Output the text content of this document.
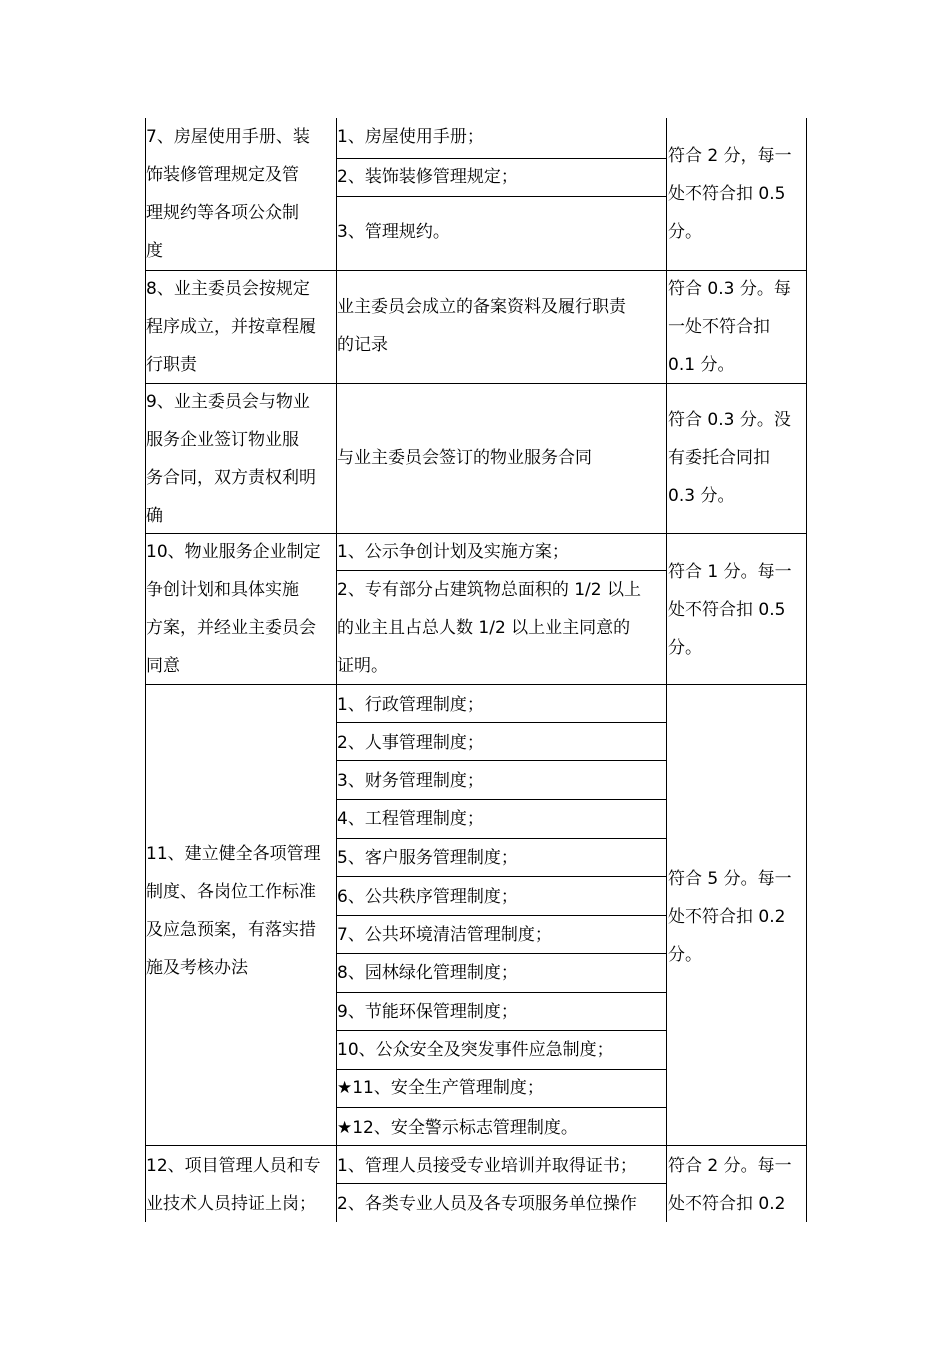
7、房屋使用手册、装
饰装修管理规定及管
理规约等各项公众制
度
1、房屋使用手册；
2、装饰装修管理规定；
3、管理规约。
符合 2 分，每一
处不符合扣 0.5
分。
8、业主委员会按规定
程序成立，并按章程履
行职责
业主委员会成立的备案资料及履行职责
的记录
符合 0.3 分。每
一处不符合扣
0.1 分。
9、业主委员会与物业
服务企业签订物业服
务合同，双方责权利明
确
与业主委员会签订的物业服务合同
符合 0.3 分。没
有委托合同扣
0.3 分。
10、物业服务企业制定
争创计划和具体实施
方案，并经业主委员会
同意
1、公示争创计划及实施方案；
2、专有部分占建筑物总面积的 1/2 以上
的业主且占总人数 1/2 以上业主同意的
证明。
符合 1 分。每一
处不符合扣 0.5
分。
11、建立健全各项管理
制度、各岗位工作标准
及应急预案，有落实措
施及考核办法
1、行政管理制度；
2、人事管理制度；
3、财务管理制度；
4、工程管理制度；
5、客户服务管理制度；
6、公共秩序管理制度；
7、公共环境清洁管理制度；
8、园林绿化管理制度；
9、节能环保管理制度；
10、公众安全及突发事件应急制度；
★11、安全生产管理制度；
★12、安全警示标志管理制度。
符合 5 分。每一
处不符合扣 0.2
分。
12、项目管理人员和专
业技术人员持证上岗；
1、管理人员接受专业培训并取得证书；
2、各类专业人员及各专项服务单位操作
符合 2 分。每一
处不符合扣 0.2
